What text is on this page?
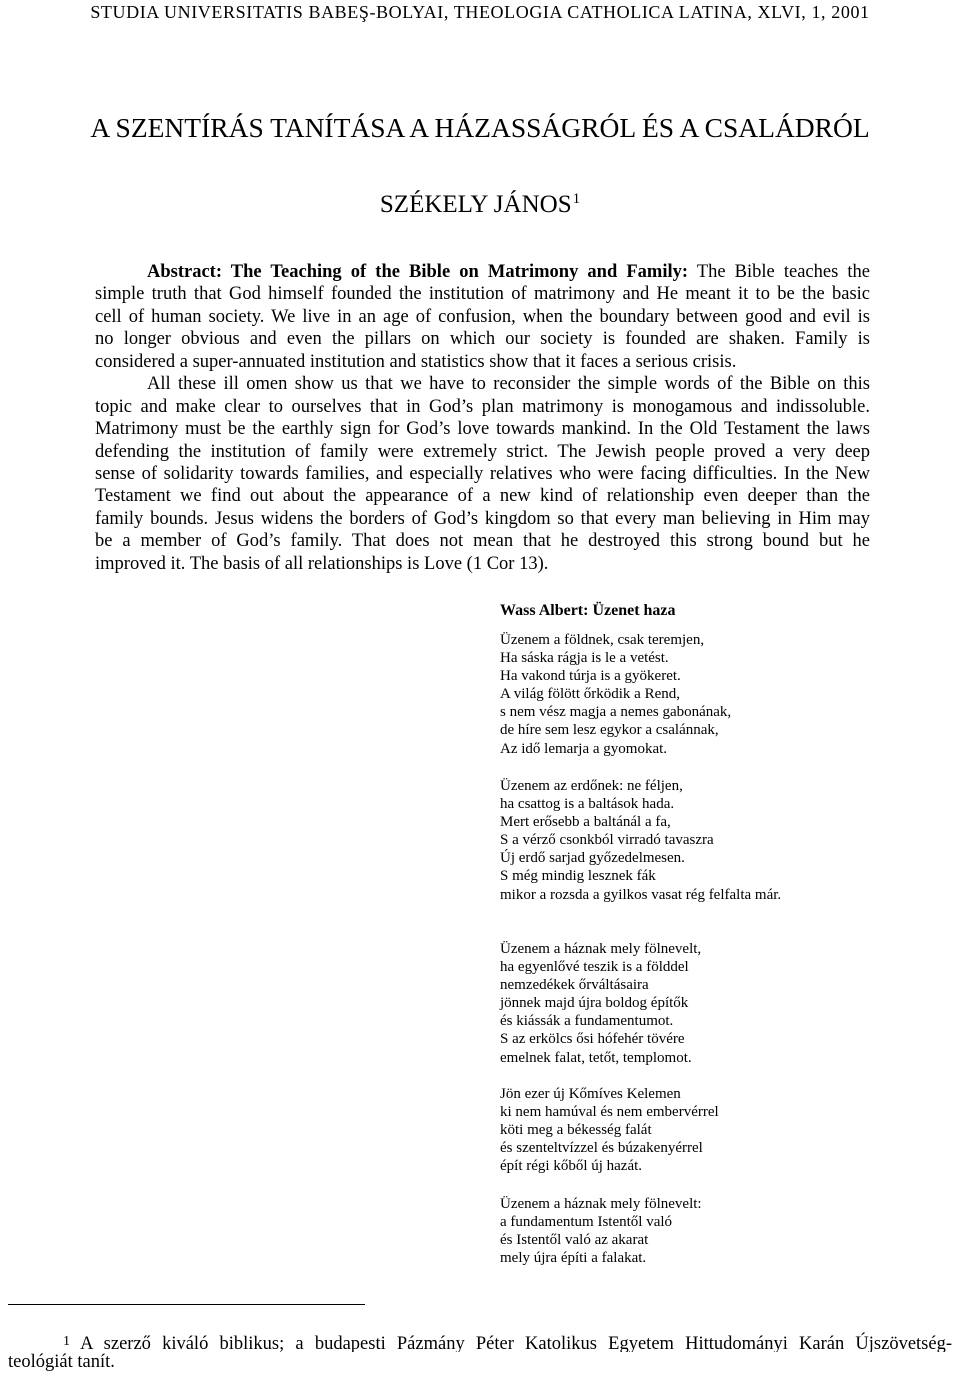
STUDIA UNIVERSITATIS BABEŞ-BOLYAI, THEOLOGIA CATHOLICA LATINA, XLVI, 1, 2001
A SZENTÍRÁS TANÍTÁSA A HÁZASSÁGRÓL ÉS A CSALÁDRÓL
SZÉKELY JÁNOS$^1$
Abstract: The Teaching of the Bible on Matrimony and Family: The Bible teaches the
simple truth that God himself founded the institution of matrimony and He meant it to be the basic
cell of human society. We live in an age of confusion, when the boundary between good and evil is
no longer obvious and even the pillars on which our society is founded are shaken. Family is
considered a super-annuated institution and statistics show that it faces a serious crisis.
All these ill omen show us that we have to reconsider the simple words of the Bible on this
topic and make clear to ourselves that in God’s plan matrimony is monogamous and indissoluble.
Matrimony must be the earthly sign for God’s love towards mankind. In the Old Testament the laws
defending the institution of family were extremely strict. The Jewish people proved a very deep
sense of solidarity towards families, and especially relatives who were facing difficulties. In the New
Testament we find out about the appearance of a new kind of relationship even deeper than the
family bounds. Jesus widens the borders of God’s kingdom so that every man believing in Him may
be a member of God’s family. That does not mean that he destroyed this strong bound but he
improved it. The basis of all relationships is Love (1 Cor 13).
Wass Albert: Üzenet haza
Üzenem a földnek, csak teremjen,
Ha sáska rágja is le a vetést.
Ha vakond túrja is a gyökeret.
A világ fölött őrködik a Rend,
s nem vész magja a nemes gabonának,
de híre sem lesz egykor a csalánnak,
Az idő lemarja a gyomokat.
Üzenem az erdőnek: ne féljen,
ha csattog is a baltások hada.
Mert erősebb a baltánál a fa,
S a vérző csonkból virradó tavaszra
Új erdő sarjad győzedelmesen.
S még mindig lesznek fák
mikor a rozsda a gyilkos vasat rég felfalta már.
Üzenem a háznak mely fölnevelt,
ha egyenlővé teszik is a földdel
nemzedékek őrváltásaira
jönnek majd újra boldog építők
és kiássák a fundamentumot.
S az erkölcs ősi hófehér tövére
emelnek falat, tetőt, templomot.
Jön ezer új Kőmíves Kelemen
ki nem hamúval és nem embervérrel
köti meg a békesség falát
és szenteltvízzel és búzakenyérrel
épít régi kőből új hazát.
Üzenem a háznak mely fölnevelt:
a fundamentum Istentől való
és Istentől való az akarat
mely újra építi a falakat.
$^1$ A szerző kiváló biblikus; a budapesti Pázmány Péter Katolikus Egyetem Hittudományi Karán Újszövetség-
teológiát tanít.
